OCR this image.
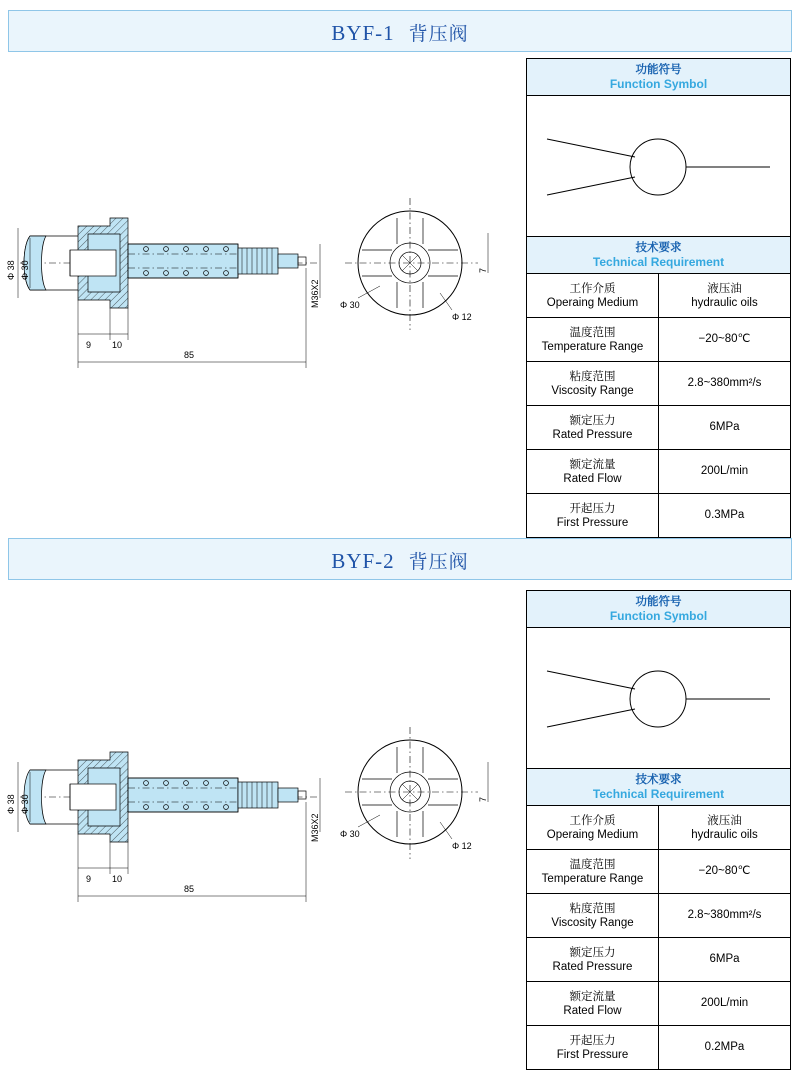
BYF-1 背压阀
Φ 38 Φ 30
9 10
85
M36X2 Φ 30
Φ 12
7
功能符号
Function Symbol	

技术要求
Technical Requirement	

工作介质
Operaing Medium	液压油
hydraulic oils

温度范围
Temperature Range	−20~80℃

粘度范围
Viscosity Range	2.8~380mm²/s

额定压力
Rated Pressure	6MPa

额定流量
Rated Flow	200L/min

开起压力
First Pressure	0.3MPa
BYF-2 背压阀
Φ 38 Φ 30
9 10
85
M36X2 Φ 30
Φ 12
7
功能符号
Function Symbol	

技术要求
Technical Requirement	

工作介质
Operaing Medium	液压油
hydraulic oils

温度范围
Temperature Range	−20~80℃

粘度范围
Viscosity Range	2.8~380mm²/s

额定压力
Rated Pressure	6MPa

额定流量
Rated Flow	200L/min

开起压力
First Pressure	0.2MPa
